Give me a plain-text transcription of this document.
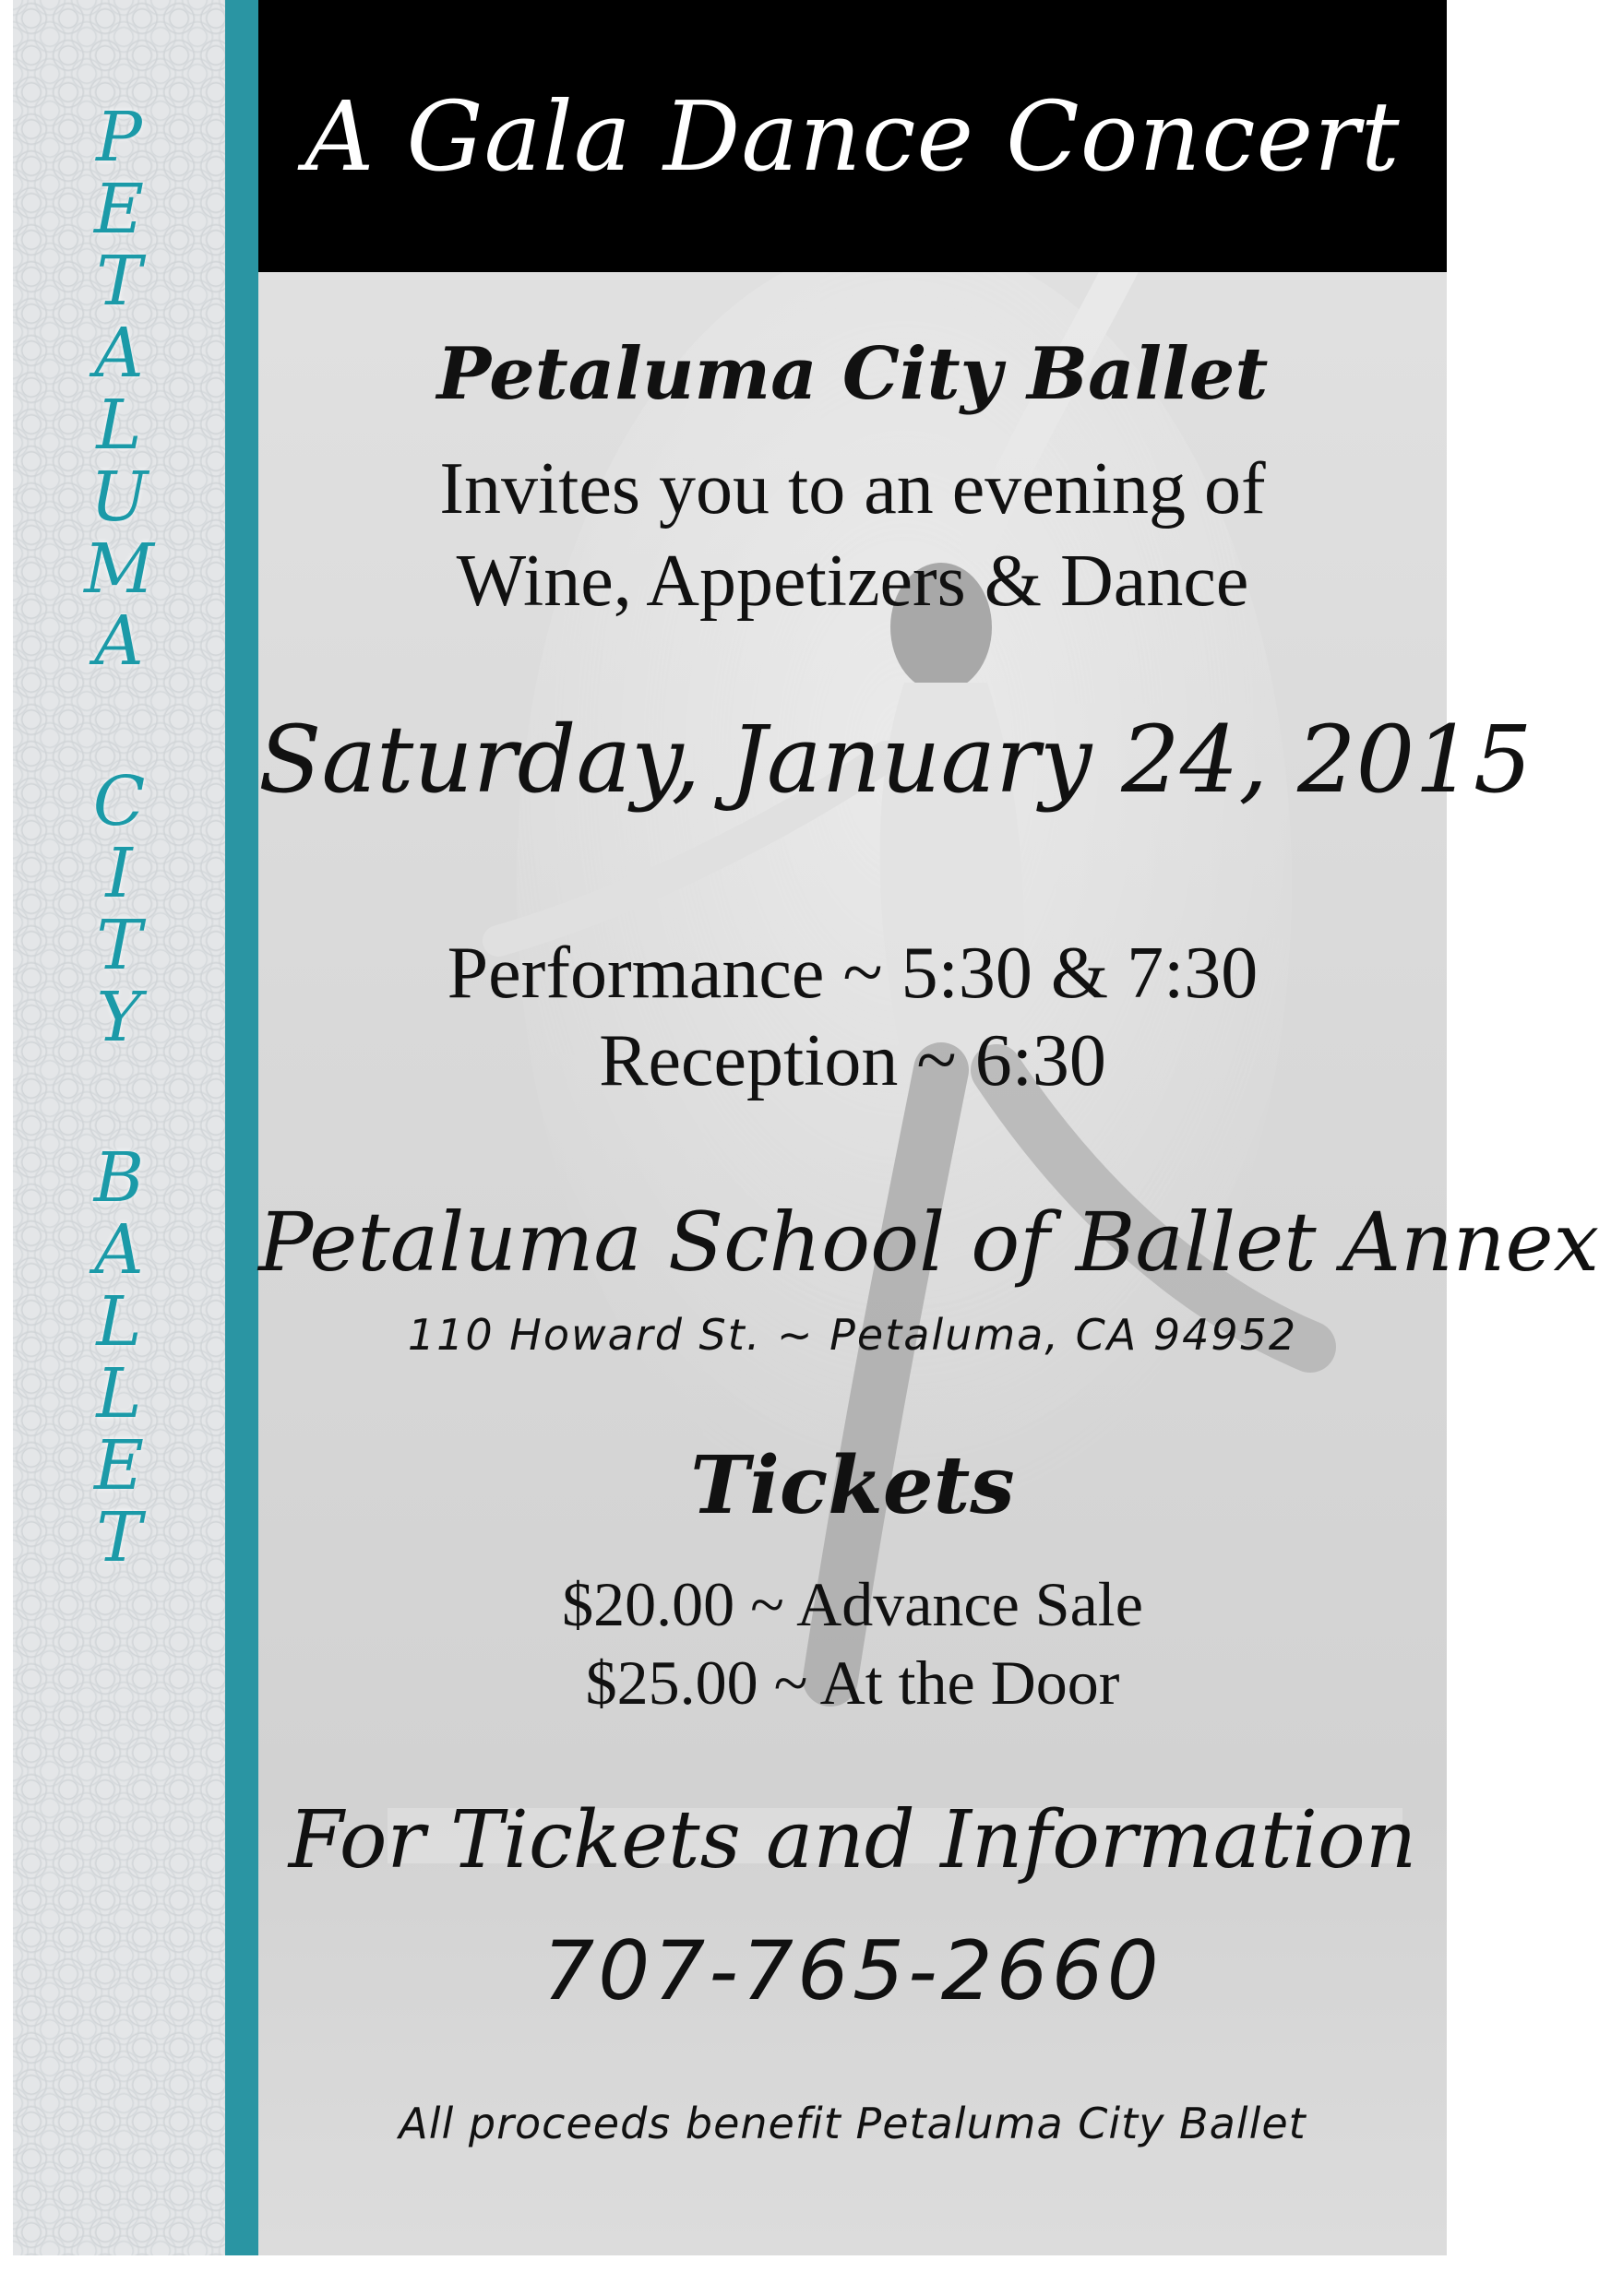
P
E
T
A
L
U
M
A
C
I
T
Y
B
A
L
L
E
T
A Gala Dance Concert
Petaluma City Ballet
Invites you to an evening of
Wine, Appetizers & Dance
Saturday, January 24, 2015
Performance ~ 5:30 & 7:30
Reception ~ 6:30
Petaluma School of Ballet Annex
110 Howard St. ~ Petaluma, CA 94952
Tickets
$20.00 ~ Advance Sale
$25.00 ~ At the Door
For Tickets and Information
707-765-2660
All proceeds benefit Petaluma City Ballet
